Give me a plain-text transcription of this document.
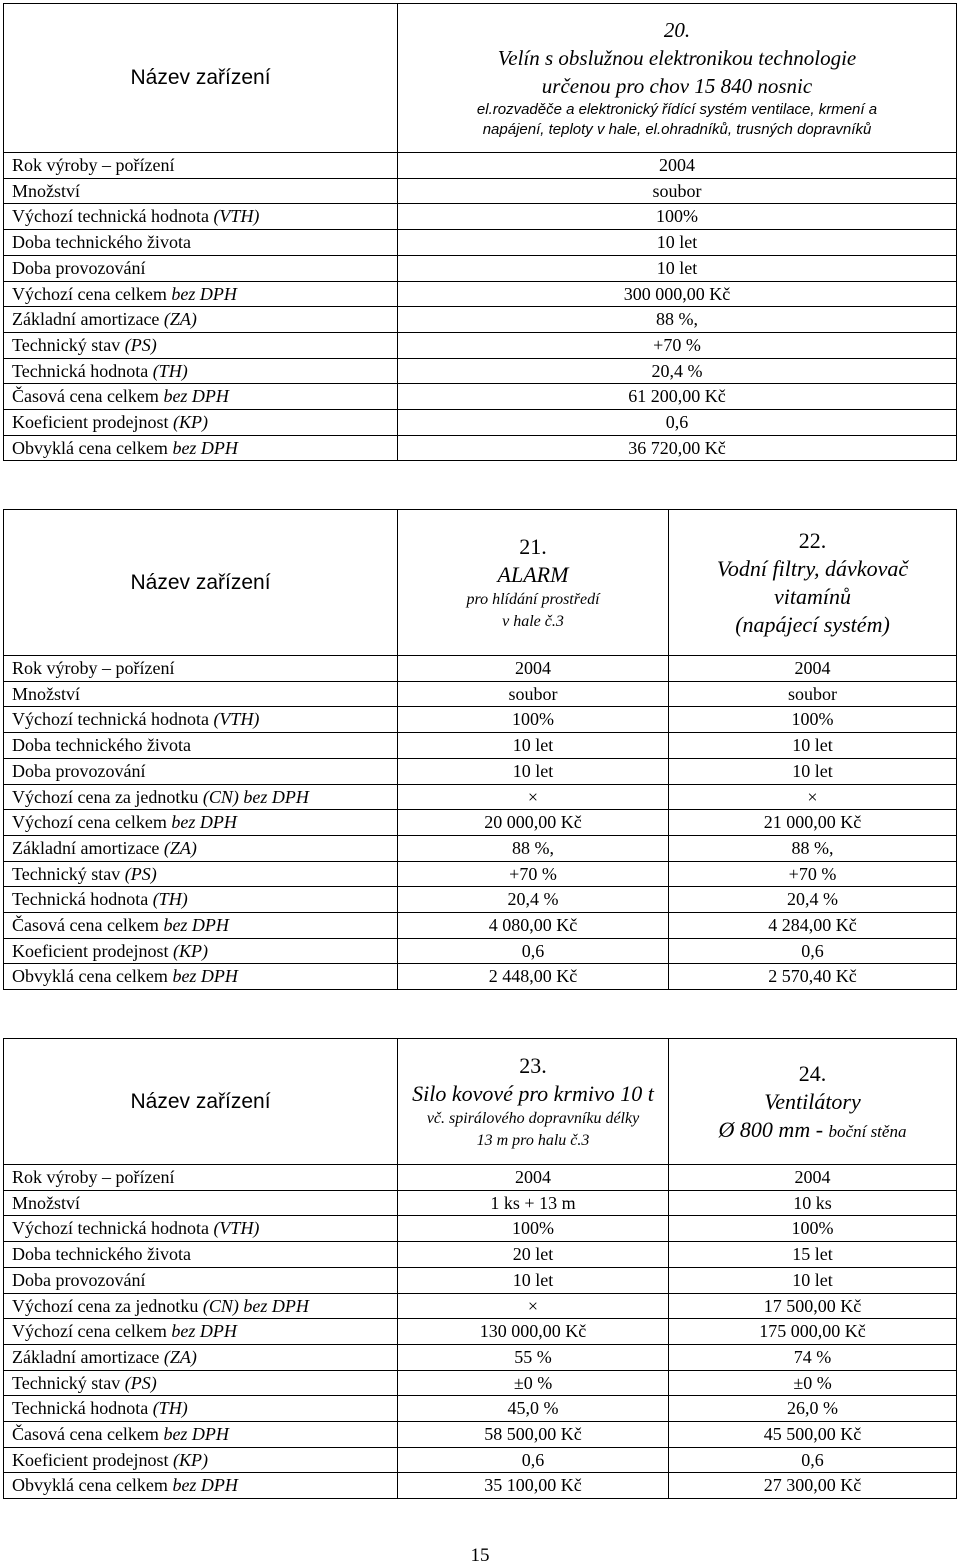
Název zařízení	20.
Velín s obslužnou elektronikou technologie
určenou pro chov 15 840 nosnic
el.rozvaděče a elektronický řídící systém ventilace, krmení a
napájení, teploty v hale, el.ohradníků, trusných dopravníků

Rok výroby – pořízení	2004
Množství	soubor
Výchozí technická hodnota (VTH)	100%
Doba technického života	10 let
Doba provozování	10 let
Výchozí cena celkem bez DPH	300 000,00 Kč
Základní amortizace (ZA)	88 %,
Technický stav (PS)	+70 %
Technická hodnota (TH)	20,4 %
Časová cena celkem bez DPH	61 200,00 Kč
Koeficient prodejnost (KP)	0,6
Obvyklá cena celkem bez DPH	36 720,00 Kč
Název zařízení	21.
ALARM
pro hlídání prostředí
v hale č.3	22.
Vodní filtry, dávkovač
vitamínů
(napájecí systém)

Rok výroby – pořízení	2004	2004
Množství	soubor	soubor
Výchozí technická hodnota (VTH)	100%	100%
Doba technického života	10 let	10 let
Doba provozování	10 let	10 let
Výchozí cena za jednotku (CN) bez DPH	×	×
Výchozí cena celkem bez DPH	20 000,00 Kč	21 000,00 Kč
Základní amortizace (ZA)	88 %,	88 %,
Technický stav (PS)	+70 %	+70 %
Technická hodnota (TH)	20,4 %	20,4 %
Časová cena celkem bez DPH	4 080,00 Kč	4 284,00 Kč
Koeficient prodejnost (KP)	0,6	0,6
Obvyklá cena celkem bez DPH	2 448,00 Kč	2 570,40 Kč
Název zařízení	23.
Silo kovové pro krmivo 10 t
vč. spirálového dopravníku délky
13 m pro halu č.3	24.
Ventilátory
Ø 800 mm - boční stěna

Rok výroby – pořízení	2004	2004
Množství	1 ks + 13 m	10 ks
Výchozí technická hodnota (VTH)	100%	100%
Doba technického života	20 let	15 let
Doba provozování	10 let	10 let
Výchozí cena za jednotku (CN) bez DPH	×	17 500,00 Kč
Výchozí cena celkem bez DPH	130 000,00 Kč	175 000,00 Kč
Základní amortizace (ZA)	55 %	74 %
Technický stav (PS)	±0 %	±0 %
Technická hodnota (TH)	45,0 %	26,0 %
Časová cena celkem bez DPH	58 500,00 Kč	45 500,00 Kč
Koeficient prodejnost (KP)	0,6	0,6
Obvyklá cena celkem bez DPH	35 100,00 Kč	27 300,00 Kč
15
